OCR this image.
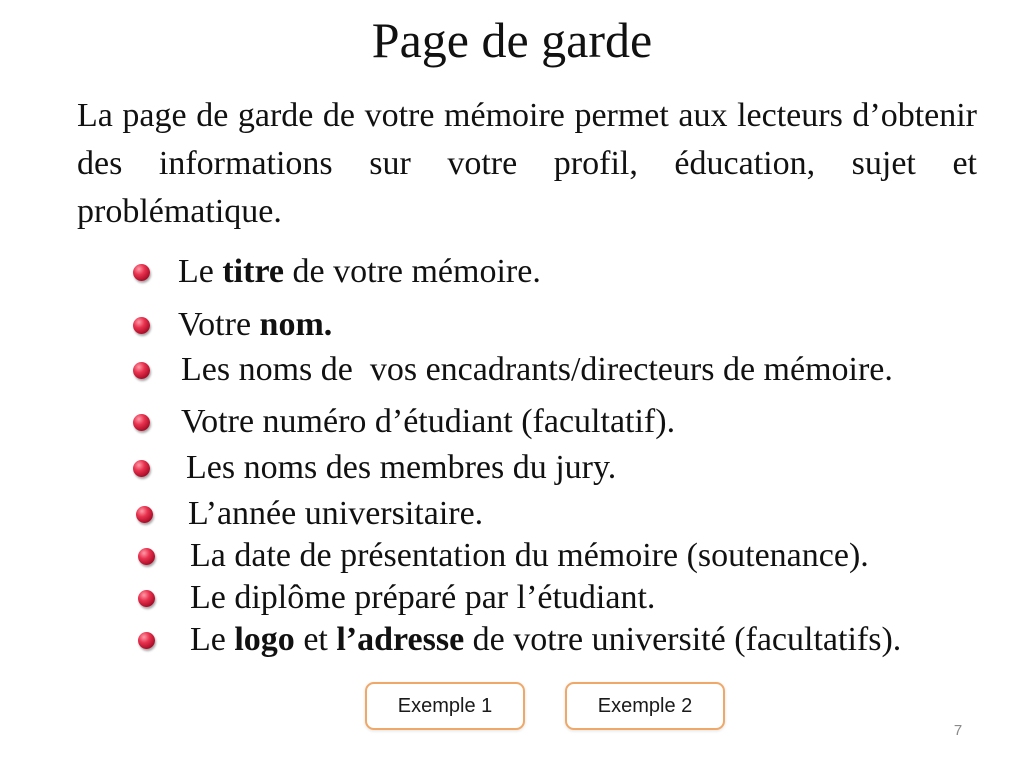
Page de garde

La page de garde de votre mémoire permet aux lecteurs d’obtenir des informations sur votre profil, éducation, sujet et problématique.

Le titre de votre mémoire.
Votre nom.
Les noms de  vos encadrants/directeurs de mémoire.
Votre numéro d’étudiant (facultatif).
Les noms des membres du jury.
L’année universitaire.
La date de présentation du mémoire (soutenance).
Le diplôme préparé par l’étudiant.
Le logo et l’adresse de votre université (facultatifs).
Exemple 1	Exemple 2
7
